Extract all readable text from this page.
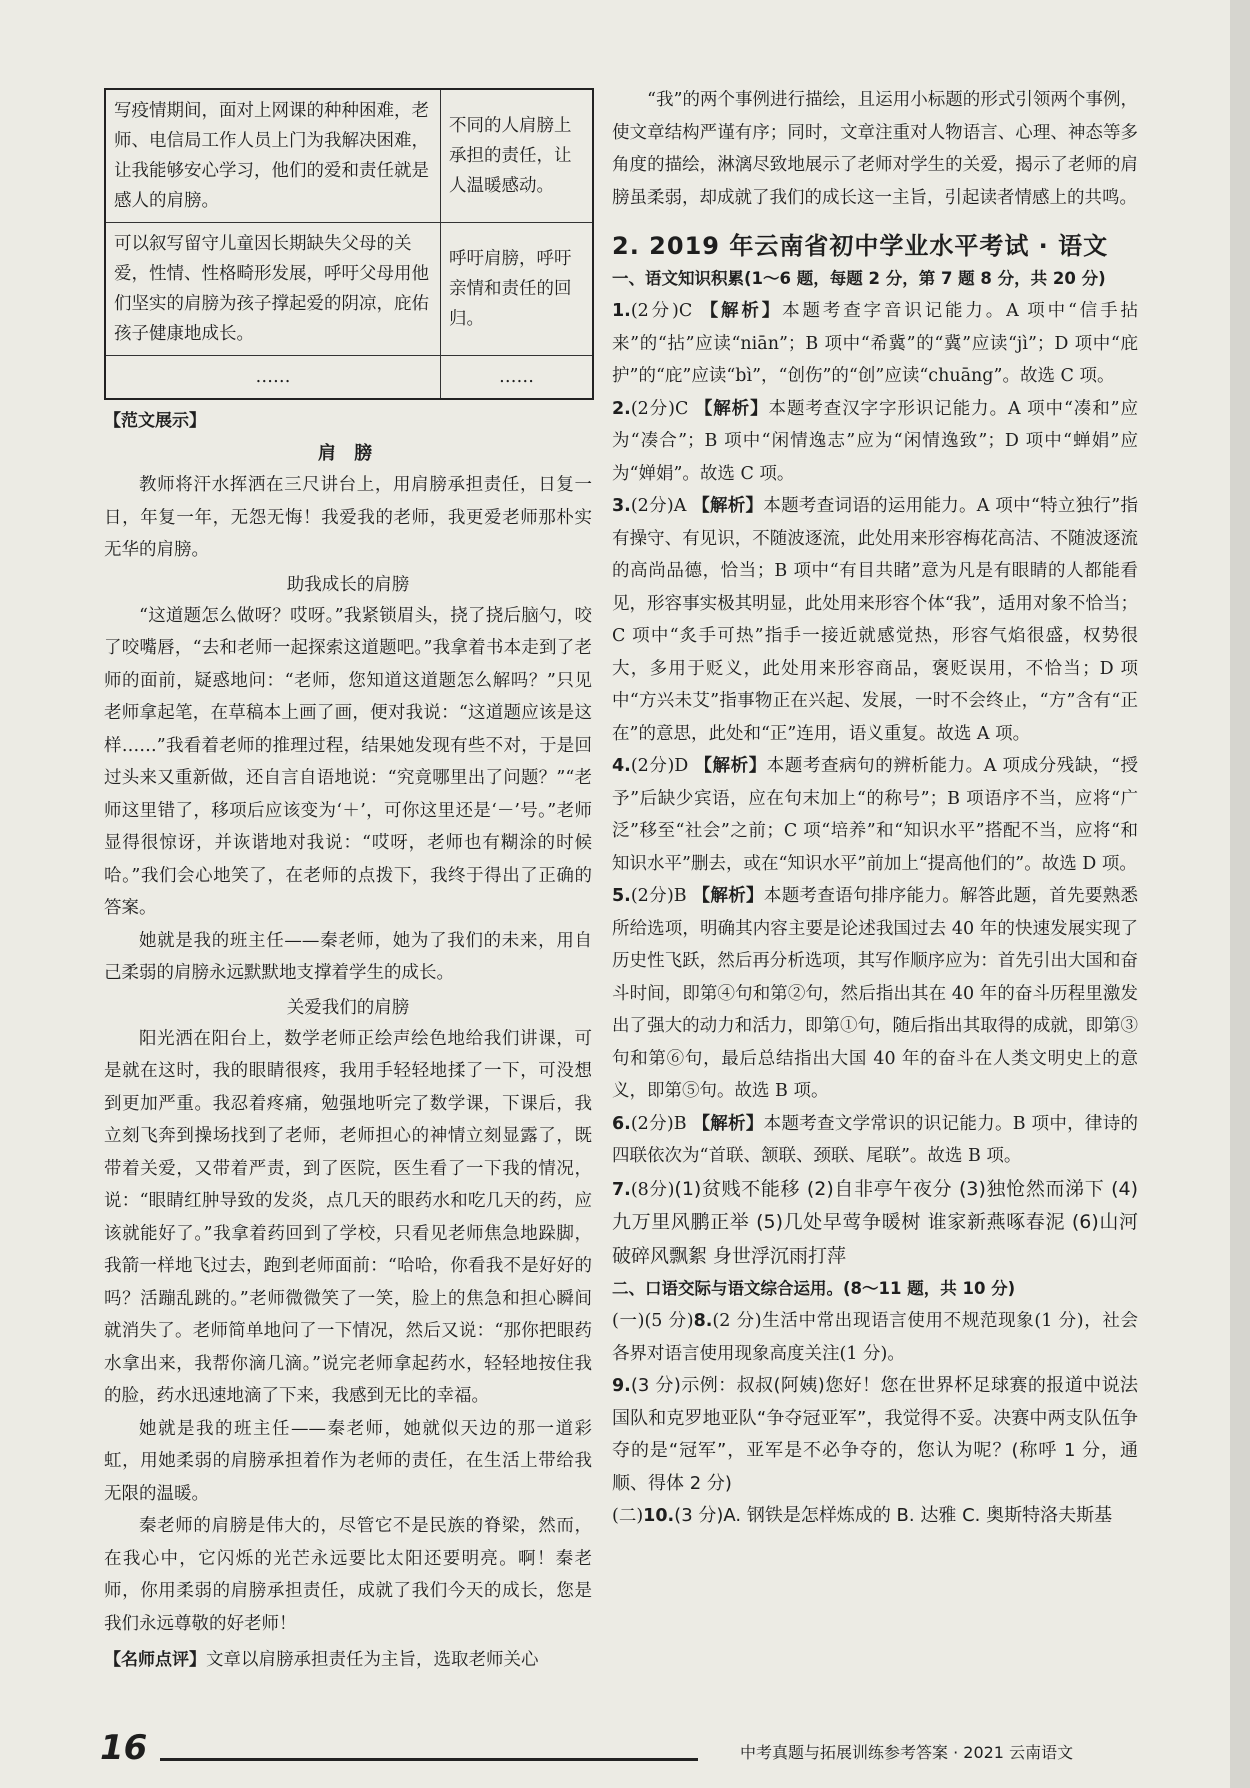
写疫情期间，面对上网课的种种困难，老师、电信局工作人员上门为我解决困难，让我能够安心学习，他们的爱和责任就是感人的肩膀。
不同的人肩膀上承担的责任，让人温暖感动。
可以叙写留守儿童因长期缺失父母的关爱，性情、性格畸形发展，呼吁父母用他们坚实的肩膀为孩子撑起爱的阴凉，庇佑孩子健康地成长。
呼吁肩膀，呼吁亲情和责任的回归。
……	……
【范文展示】
肩 膀

教师将汗水挥洒在三尺讲台上，用肩膀承担责任，日复一日，年复一年，无怨无悔！我爱我的老师，我更爱老师那朴实无华的肩膀。

助我成长的肩膀

“这道题怎么做呀？哎呀。”我紧锁眉头，挠了挠后脑勺，咬了咬嘴唇，“去和老师一起探索这道题吧。”我拿着书本走到了老师的面前，疑惑地问：“老师，您知道这道题怎么解吗？”只见老师拿起笔，在草稿本上画了画，便对我说：“这道题应该是这样……”我看着老师的推理过程，结果她发现有些不对，于是回过头来又重新做，还自言自语地说：“究竟哪里出了问题？”“老师这里错了，移项后应该变为‘＋’，可你这里还是‘－’号。”老师显得很惊讶，并诙谐地对我说：“哎呀，老师也有糊涂的时候哈。”我们会心地笑了，在老师的点拨下，我终于得出了正确的答案。

她就是我的班主任——秦老师，她为了我们的未来，用自己柔弱的肩膀永远默默地支撑着学生的成长。

关爱我们的肩膀

阳光洒在阳台上，数学老师正绘声绘色地给我们讲课，可是就在这时，我的眼睛很疼，我用手轻轻地揉了一下，可没想到更加严重。我忍着疼痛，勉强地听完了数学课，下课后，我立刻飞奔到操场找到了老师，老师担心的神情立刻显露了，既带着关爱，又带着严责，到了医院，医生看了一下我的情况，说：“眼睛红肿导致的发炎，点几天的眼药水和吃几天的药，应该就能好了。”我拿着药回到了学校，只看见老师焦急地跺脚，我箭一样地飞过去，跑到老师面前：“哈哈，你看我不是好好的吗？活蹦乱跳的。”老师微微笑了一笑，脸上的焦急和担心瞬间就消失了。老师简单地问了一下情况，然后又说：“那你把眼药水拿出来，我帮你滴几滴。”说完老师拿起药水，轻轻地按住我的脸，药水迅速地滴了下来，我感到无比的幸福。

她就是我的班主任——秦老师，她就似天边的那一道彩虹，用她柔弱的肩膀承担着作为老师的责任，在生活上带给我无限的温暖。

秦老师的肩膀是伟大的，尽管它不是民族的脊梁，然而，在我心中，它闪烁的光芒永远要比太阳还要明亮。啊！秦老师，你用柔弱的肩膀承担责任，成就了我们今天的成长，您是我们永远尊敬的好老师！

【名师点评】文章以肩膀承担责任为主旨，选取老师关心

“我”的两个事例进行描绘，且运用小标题的形式引领两个事例，使文章结构严谨有序；同时，文章注重对人物语言、心理、神态等多角度的描绘，淋漓尽致地展示了老师对学生的关爱，揭示了老师的肩膀虽柔弱，却成就了我们的成长这一主旨，引起读者情感上的共鸣。

2. 2019 年云南省初中学业水平考试 · 语文
一、语文知识积累(1～6 题，每题 2 分，第 7 题 8 分，共 20 分)

1.(2分)C 【解析】本题考查字音识记能力。A 项中“信手拈来”的“拈”应读“niān”；B 项中“希冀”的“冀”应读“jì”；D 项中“庇护”的“庇”应读“bì”，“创伤”的“创”应读“chuāng”。故选 C 项。

2.(2分)C 【解析】本题考查汉字字形识记能力。A 项中“凑和”应为“凑合”；B 项中“闲情逸志”应为“闲情逸致”；D 项中“蝉娟”应为“婵娟”。故选 C 项。

3.(2分)A 【解析】本题考查词语的运用能力。A 项中“特立独行”指有操守、有见识，不随波逐流，此处用来形容梅花高洁、不随波逐流的高尚品德，恰当；B 项中“有目共睹”意为凡是有眼睛的人都能看见，形容事实极其明显，此处用来形容个体“我”，适用对象不恰当；C 项中“炙手可热”指手一接近就感觉热，形容气焰很盛，权势很大，多用于贬义，此处用来形容商品，褒贬误用，不恰当；D 项中“方兴未艾”指事物正在兴起、发展，一时不会终止，“方”含有“正在”的意思，此处和“正”连用，语义重复。故选 A 项。

4.(2分)D 【解析】本题考查病句的辨析能力。A 项成分残缺，“授予”后缺少宾语，应在句末加上“的称号”；B 项语序不当，应将“广泛”移至“社会”之前；C 项“培养”和“知识水平”搭配不当，应将“和知识水平”删去，或在“知识水平”前加上“提高他们的”。故选 D 项。

5.(2分)B 【解析】本题考查语句排序能力。解答此题，首先要熟悉所给选项，明确其内容主要是论述我国过去 40 年的快速发展实现了历史性飞跃，然后再分析选项，其写作顺序应为：首先引出大国和奋斗时间，即第④句和第②句，然后指出其在 40 年的奋斗历程里激发出了强大的动力和活力，即第①句，随后指出其取得的成就，即第③句和第⑥句，最后总结指出大国 40 年的奋斗在人类文明史上的意义，即第⑤句。故选 B 项。

6.(2分)B 【解析】本题考查文学常识的识记能力。B 项中，律诗的四联依次为“首联、颔联、颈联、尾联”。故选 B 项。

7.(8分)(1)贫贱不能移 (2)自非亭午夜分 (3)独怆然而涕下 (4)九万里风鹏正举 (5)几处早莺争暖树 谁家新燕啄春泥 (6)山河破碎风飘絮 身世浮沉雨打萍

二、口语交际与语文综合运用。(8～11 题，共 10 分)

(一)(5 分)8.(2 分)生活中常出现语言使用不规范现象(1 分)，社会各界对语言使用现象高度关注(1 分)。

9.(3 分)示例：叔叔(阿姨)您好！您在世界杯足球赛的报道中说法国队和克罗地亚队“争夺冠亚军”，我觉得不妥。决赛中两支队伍争夺的是“冠军”，亚军是不必争夺的，您认为呢？(称呼 1 分，通顺、得体 2 分)

(二)10.(3 分)A. 钢铁是怎样炼成的 B. 达雅 C. 奥斯特洛夫斯基

16	中考真题与拓展训练参考答案 · 2021 云南语文
